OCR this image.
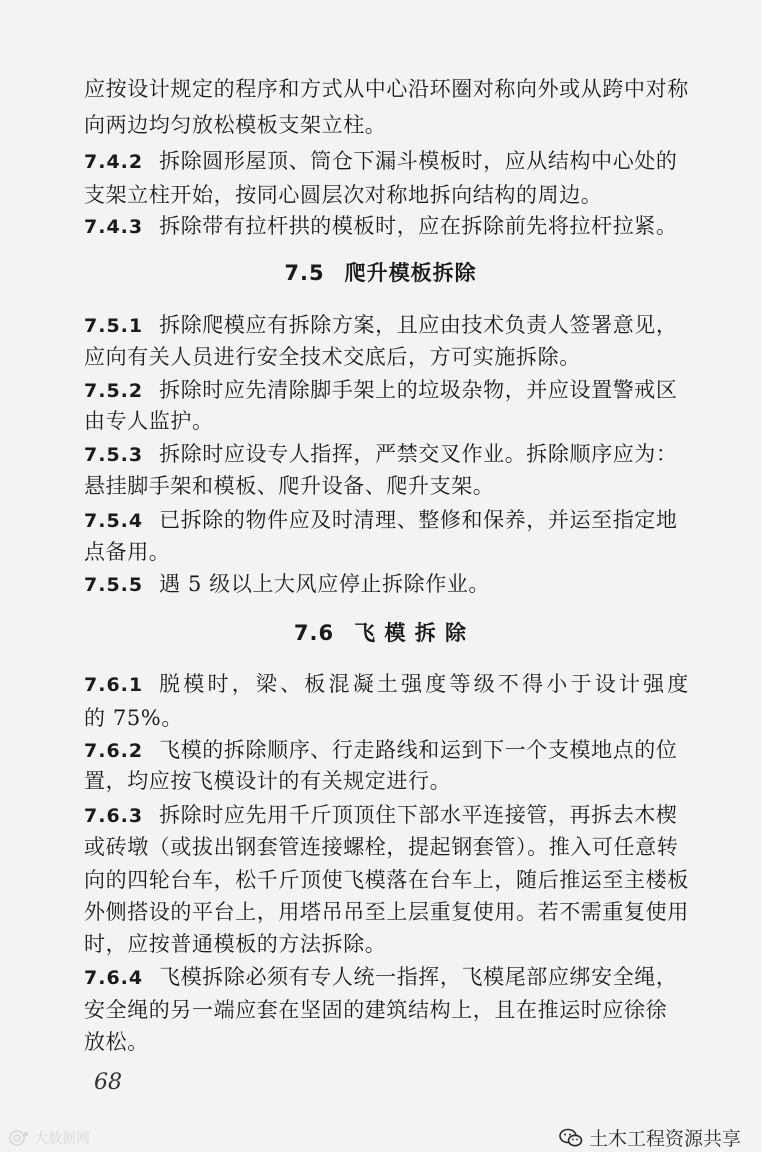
应按设计规定的程序和方式从中心沿环圈对称向外或从跨中对称
向两边均匀放松模板支架立柱。
7.4.2 拆除圆形屋顶、筒仓下漏斗模板时，应从结构中心处的
支架立柱开始，按同心圆层次对称地拆向结构的周边。
7.4.3 拆除带有拉杆拱的模板时，应在拆除前先将拉杆拉紧。
7.5 爬升模板拆除
7.5.1 拆除爬模应有拆除方案，且应由技术负责人签署意见，
应向有关人员进行安全技术交底后，方可实施拆除。
7.5.2 拆除时应先清除脚手架上的垃圾杂物，并应设置警戒区
由专人监护。
7.5.3 拆除时应设专人指挥，严禁交叉作业。拆除顺序应为：
悬挂脚手架和模板、爬升设备、爬升支架。
7.5.4 已拆除的物件应及时清理、整修和保养，并运至指定地
点备用。
7.5.5 遇 5 级以上大风应停止拆除作业。
7.6 飞 模 拆 除
7.6.1 脱模时，梁、板混凝土强度等级不得小于设计强度
的 75%。
7.6.2 飞模的拆除顺序、行走路线和运到下一个支模地点的位
置，均应按飞模设计的有关规定进行。
7.6.3 拆除时应先用千斤顶顶住下部水平连接管，再拆去木楔
或砖墩（或拔出钢套管连接螺栓，提起钢套管）。推入可任意转
向的四轮台车，松千斤顶使飞模落在台车上，随后推运至主楼板
外侧搭设的平台上，用塔吊吊至上层重复使用。若不需重复使用
时，应按普通模板的方法拆除。
7.6.4 飞模拆除必须有专人统一指挥，飞模尾部应绑安全绳，
安全绳的另一端应套在坚固的建筑结构上，且在推运时应徐徐
放松。
68
土木工程资源共享
大数据网
